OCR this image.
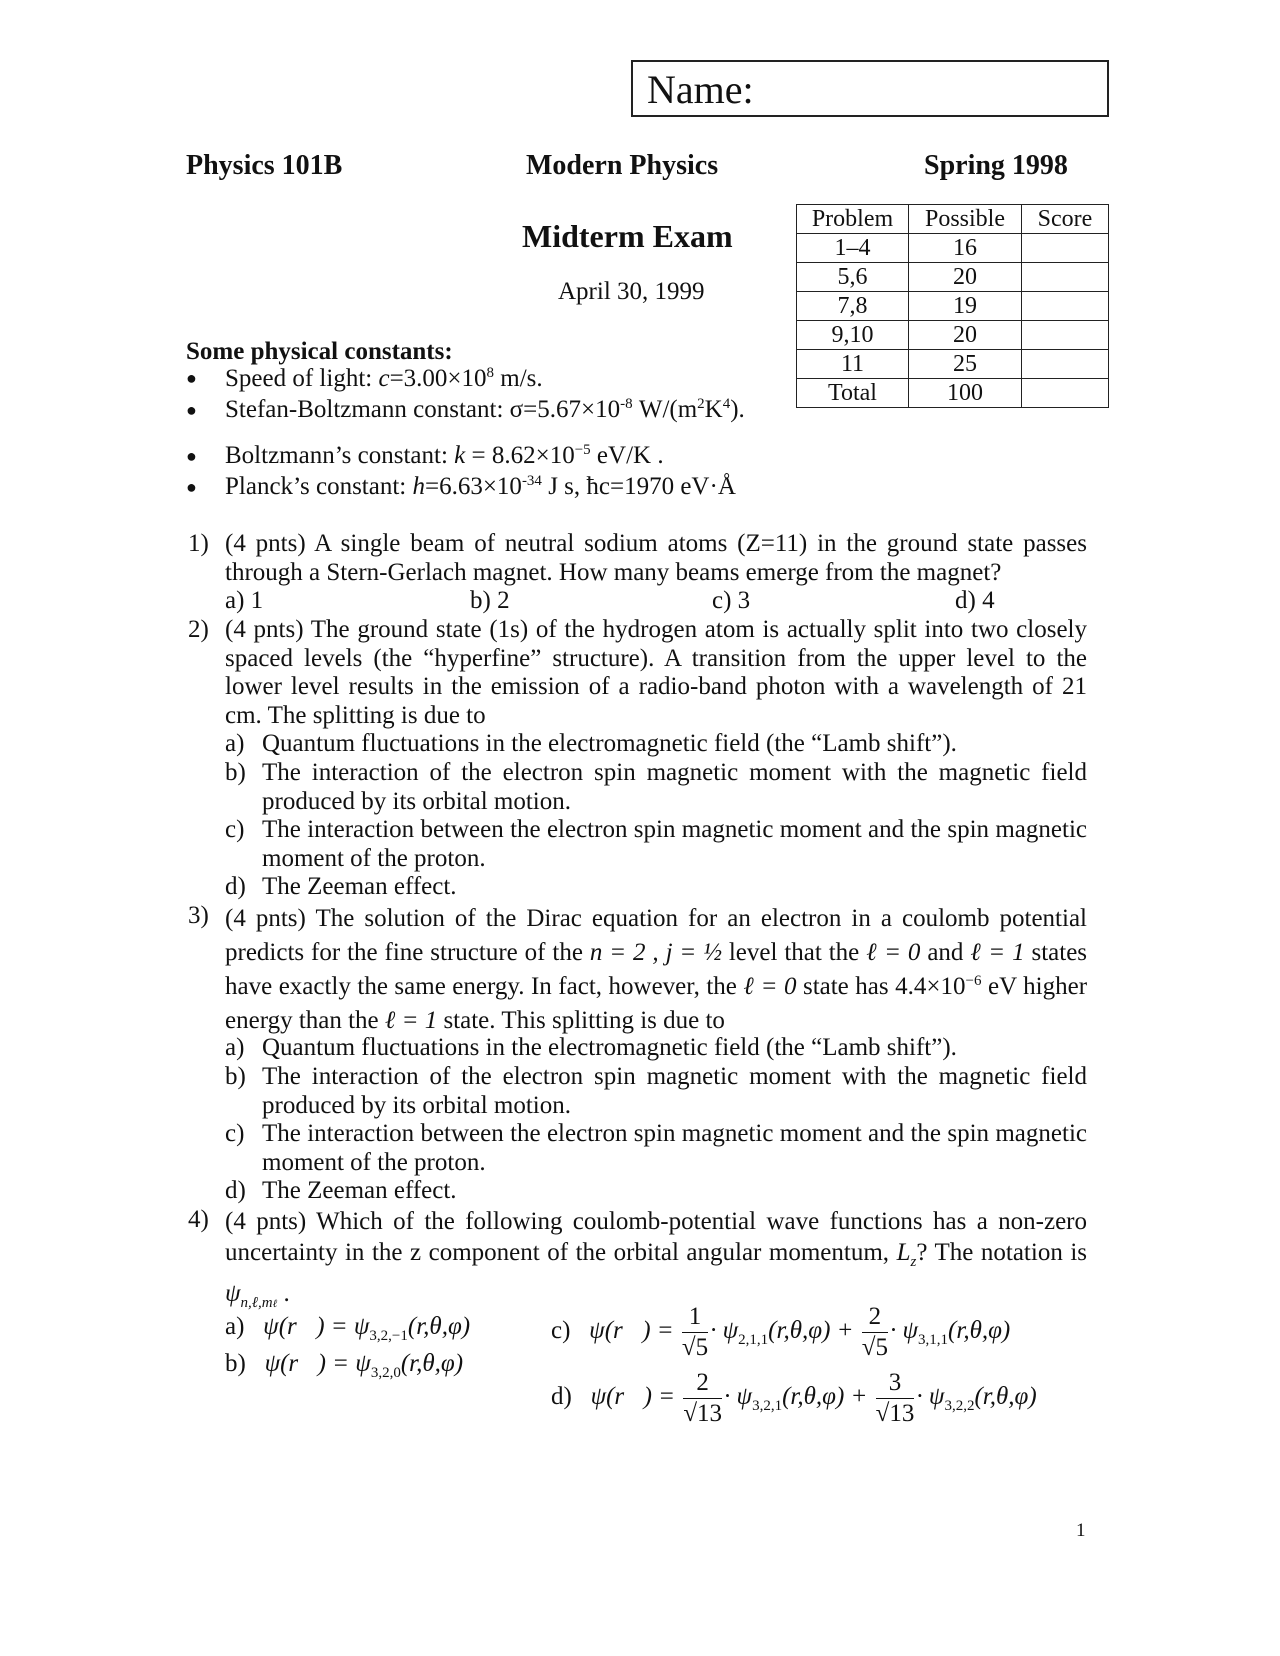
Name:
Physics 101B	Modern Physics	Spring 1998
Midterm Exam
April 30, 1999
Problem	Possible	Score
1–4	16	
5,6	20	
7,8	19	
9,10	20	
11	25	
Total	100	
Some physical constants:
● Speed of light: $c=3.00\times 10^8$ m/s.
● Stefan-Boltzmann constant: $\sigma=5.67\times 10^{-8}$ $W/(m^2K^4)$.
● Boltzmann’s constant: $k = 8.62\times 10^{-5}$ eV/K .
● Planck’s constant: $h=6.63\times 10^{-34}$ J s, ħc=1970 eV·Å
1) (4 pnts) A single beam of neutral sodium atoms (Z=11) in the ground state passes through a Stern-Gerlach magnet. How many beams emerge from the magnet?
a) 1	b) 2	c) 3	d) 4
2) (4 pnts) The ground state (1s) of the hydrogen atom is actually split into two closely spaced levels (the “hyperfine” structure). A transition from the upper level to the lower level results in the emission of a radio-band photon with a wavelength of 21 cm. The splitting is due to
a) Quantum fluctuations in the electromagnetic field (the “Lamb shift”).
b) The interaction of the electron spin magnetic moment with the magnetic field produced by its orbital motion.
c) The interaction between the electron spin magnetic moment and the spin magnetic moment of the proton.
d) The Zeeman effect.
3) (4 pnts) The solution of the Dirac equation for an electron in a coulomb potential predicts for the fine structure of the n = 2 , j = ½ level that the ℓ = 0 and ℓ = 1 states have exactly the same energy. In fact, however, the ℓ = 0 state has $4.4\times 10^{-6}$ eV higher energy than the ℓ = 1 state. This splitting is due to
a) Quantum fluctuations in the electromagnetic field (the “Lamb shift”).
b) The interaction of the electron spin magnetic moment with the magnetic field produced by its orbital motion.
c) The interaction between the electron spin magnetic moment and the spin magnetic moment of the proton.
d) The Zeeman effect.
4) (4 pnts) Which of the following coulomb-potential wave functions has a non-zero uncertainty in the z component of the orbital angular momentum, $L_z$? The notation is $\psi_{n,\ell,m\ell}$ .
a) ψ(r⃗) = $\psi_{3,2,-1}(r,\theta,\varphi)$
b) ψ(r⃗) = $\psi_{3,2,0}(r,\theta,\varphi)$
c) ψ(r⃗) = $\frac{1}{√5} \cdot \psi_{2,1,1}(r,\theta,\varphi) + \frac{2}{√5} \cdot \psi_{3,1,1}(r,\theta,\varphi)$
d) ψ(r⃗) = $\frac{2}{√13} \cdot \psi_{3,2,1}(r,\theta,\varphi) + \frac{3}{√13} \cdot \psi_{3,2,2}(r,\theta,\varphi)$
1
